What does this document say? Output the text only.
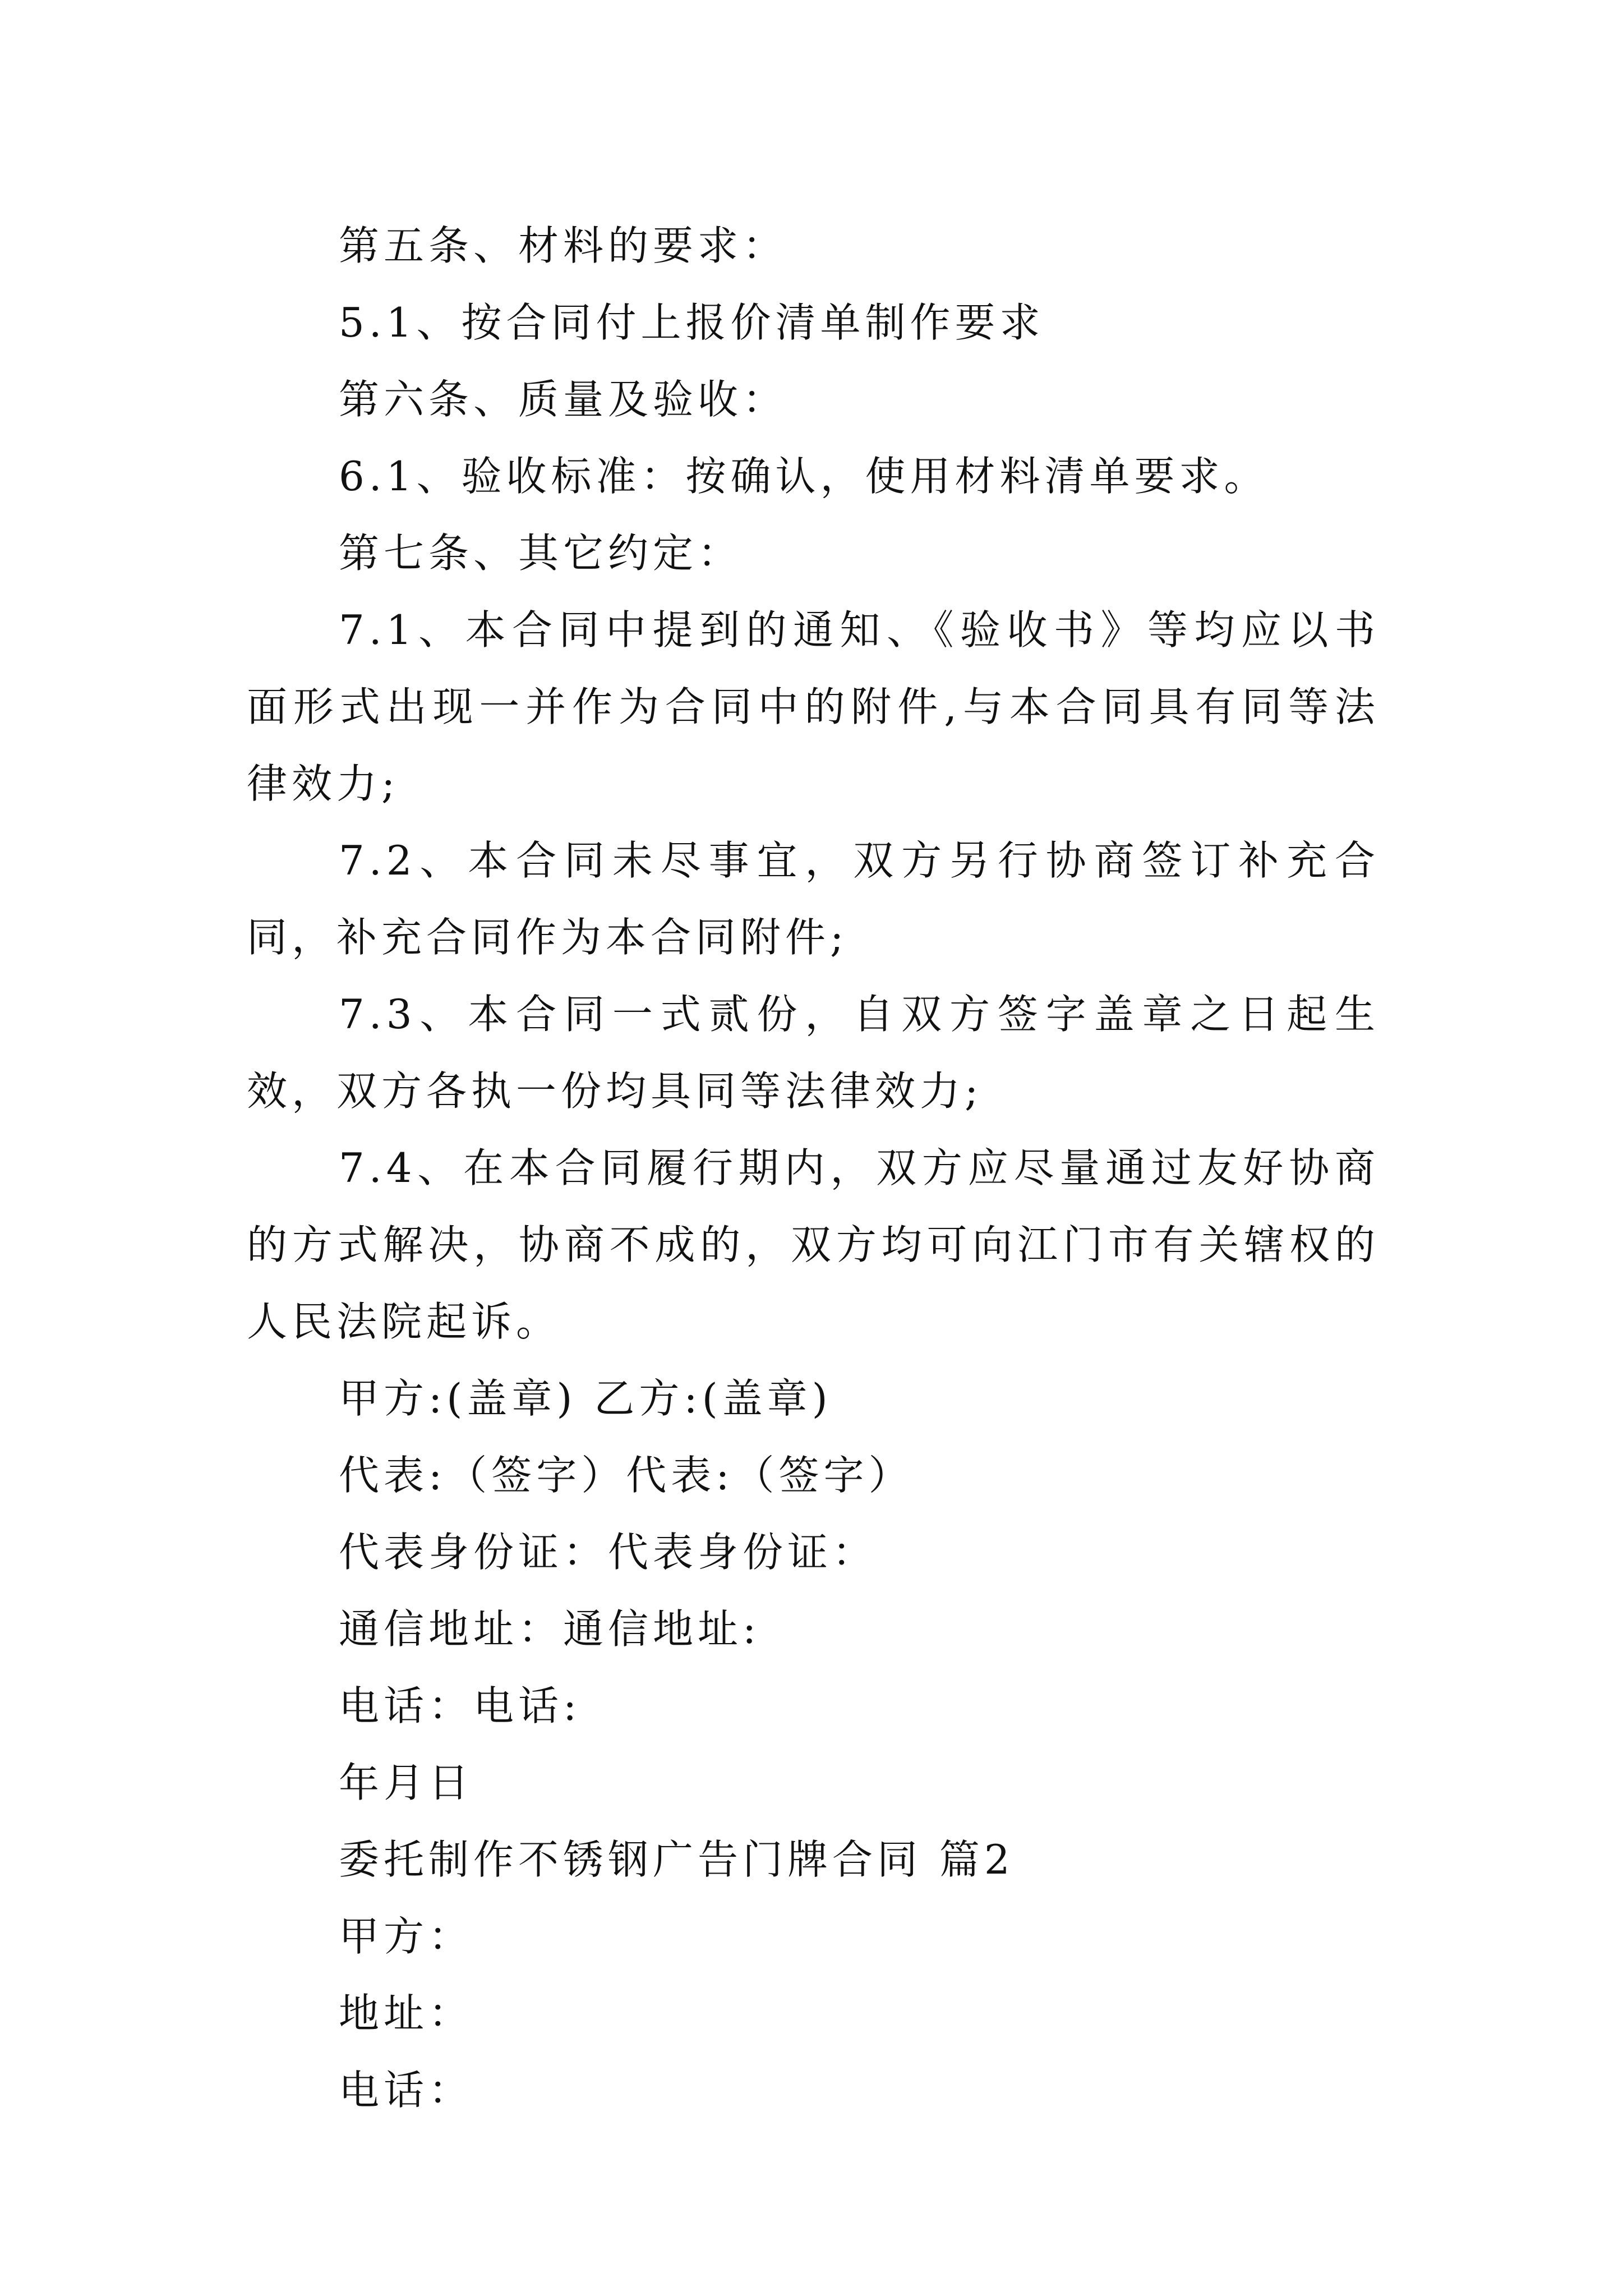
第五条、材料的要求：

5.1、按合同付上报价清单制作要求

第六条、质量及验收：

6.1、验收标准：按确认，使用材料清单要求。

第七条、其它约定：

7.1、本合同中提到的通知、《验收书》等均应以书面形式出现一并作为合同中的附件,与本合同具有同等法律效力;

7.2、本合同未尽事宜，双方另行协商签订补充合同，补充合同作为本合同附件;

7.3、本合同一式贰份，自双方签字盖章之日起生效，双方各执一份均具同等法律效力;

7.4、在本合同履行期内，双方应尽量通过友好协商的方式解决，协商不成的，双方均可向江门市有关辖权的人民法院起诉。

甲方:(盖章) 乙方:(盖章)

代表:（签字）代表:（签字）

代表身份证：代表身份证：

通信地址：通信地址:

电话：电话:

年月日

委托制作不锈钢广告门牌合同 篇2

甲方：

地址：

电话：
